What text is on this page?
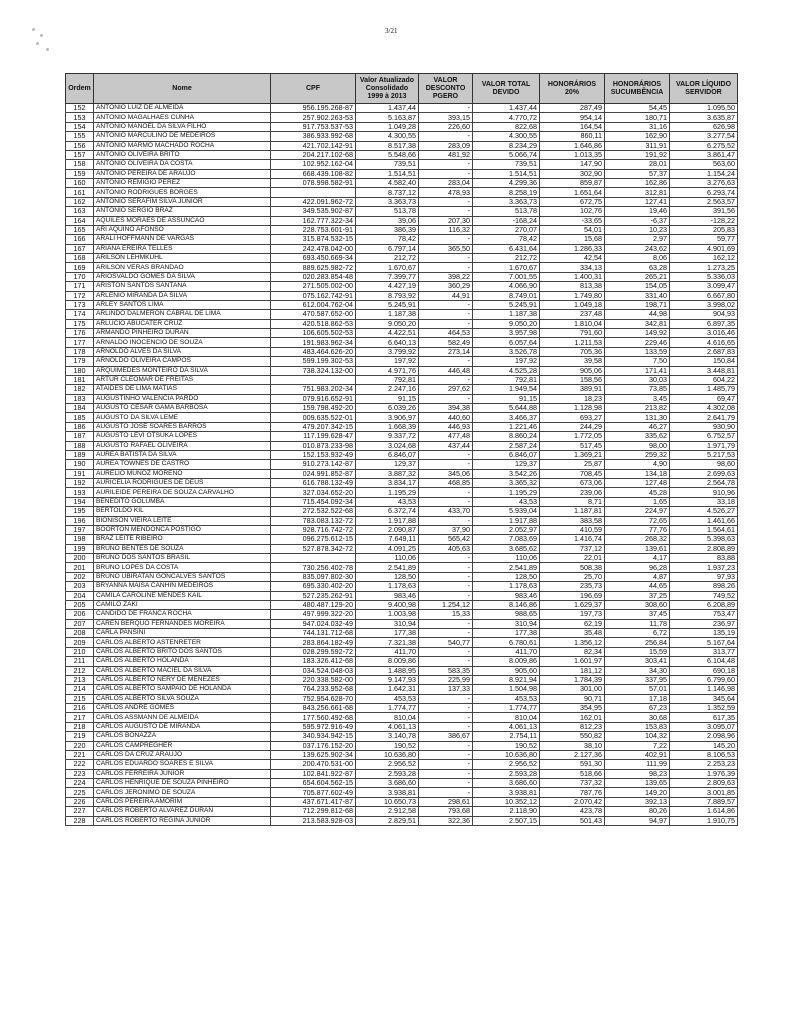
3/21
Ordem	Nome	CPF	Valor Atualizado Consolidado 1999 à 2013	VALOR DESCONTO PGERO	VALOR TOTAL DEVIDO	HONORÁRIOS 20%	HONORÁRIOS SUCUMBÊNCIA	VALOR LÍQUIDO SERVIDOR
152	ANTONIO LUIZ DE ALMEIDA	956.195.268-87	1.437,44	-	1.437,44	287,49	54,45	1.095,50
153	ANTONIO MAGALHAES CUNHA	257.902.263-53	5.163,87	393,15	4.770,72	954,14	180,71	3.635,87
154	ANTONIO MANOEL DA SILVA FILHO	917.753.537-53	1.049,28	226,60	822,68	164,54	31,16	626,98
155	ANTONIO MARCULINO DE MEDEIROS	386.933.992-68	4.300,55	-	4.300,55	860,11	162,90	3.277,54
156	ANTONIO MARMO MACHADO ROCHA	421.702.142-91	8.517,38	283,09	8.234,29	1.646,86	311,91	6.275,52
157	ANTONIO OLIVEIRA BRITO	204.217.102-68	5.548,66	481,92	5.066,74	1.013,35	191,92	3.861,47
158	ANTONIO OLIVEIRA DA COSTA	102.952.162-04	739,51	-	739,51	147,90	28,01	563,60
159	ANTONIO PEREIRA DE ARAUJO	668.439.108-82	1.514,51	-	1.514,51	302,90	57,37	1.154,24
160	ANTONIO REMIGIO PEREZ	078.998.582-91	4.582,40	283,04	4.299,36	859,87	162,86	3.276,63
161	ANTONIO RODRIGUES BORGES		8.737,12	478,93	8.258,19	1.651,64	312,81	6.293,74
162	ANTONIO SERAFIM SILVA JUNIOR	422.091.962-72	3.363,73	-	3.363,73	672,75	127,41	2.563,57
163	ANTONIO SERGIO BRAZ	349.535.902-87	513,78	-	513,78	102,76	19,46	391,56
164	AQUILES MORAES DE ASSUNCAO	162.777.322-34	39,06	207,30	-168,24	-33,65	-6,37	-128,22
165	ARI AQUINO AFONSO	228.753.601-91	386,39	116,32	270,07	54,01	10,23	205,83
166	ARALI HOFFMANN DE VARGAS	315.874.532-15	78,42	-	78,42	15,68	2,97	59,77
167	ARIANA EREIRA TELLES	242.478.042-00	6.797,14	365,50	6.431,64	1.286,33	243,62	4.901,69
168	ARILSON LEHMKUHL	693.450.669-34	212,72	-	212,72	42,54	8,06	162,12
169	ARILSON VERAS BRANDAO	889.625.982-72	1.670,67	-	1.670,67	334,13	63,28	1.273,25
170	ARIOSVALDO GOMES DA SILVA	020.283.854-48	7.399,77	398,22	7.001,55	1.400,31	265,21	5.336,03
171	ARISTON SANTOS SANTANA	271.505.002-00	4.427,19	360,29	4.066,90	813,38	154,05	3.099,47
172	ARLENIO MIRANDA DA SILVA	075.162.742-91	8.793,92	44,91	8.749,01	1.749,80	331,40	6.667,80
173	ARLEY SANTOS LIMA	612.004.762-04	5.245,91	-	5.245,91	1.049,18	198,71	3.998,02
174	ARLINDO DALMERON CABRAL DE LIMA	470.587.652-00	1.187,38	-	1.187,38	237,48	44,98	904,93
175	ARLUCIO ABUCATER CRUZ	420.518.862-53	9.050,20	-	9.050,20	1.810,04	342,81	6.897,35
176	ARMANDO PINHEIRO DURAN	106.605.502-53	4.422,51	464,53	3.957,98	791,60	149,92	3.016,46
177	ARNALDO INOCENCIO DE SOUZA	191.983.962-34	6.640,13	582,49	6.057,64	1.211,53	229,46	4.616,65
178	ARNOLDO ALVES DA SILVA	483.464.626-20	3.799,92	273,14	3.526,78	705,36	133,59	2.687,83
179	ARNOLDO OLIVEIRA CAMPOS	599.199.302-53	197,92	-	197,92	39,58	7,50	150,84
180	ARQUIMEDES MONTEIRO DA SILVA	738.324.132-00	4.971,76	446,48	4.525,28	905,06	171,41	3.448,81
181	ARTUR CLEOMAR DE FREITAS		792,81	-	792,81	158,56	30,03	604,22
182	ATAIDES DE LIMA MATIAS	751.983.202-34	2.247,16	297,62	1.949,54	389,91	73,85	1.485,79
183	AUGUSTINHO VALENCIA PARDO	079.916.652-91	91,15	-	91,15	18,23	3,45	69,47
184	AUGUSTO CESAR GAMA BARBOSA	159.798.492-20	6.039,26	394,38	5.644,88	1.128,98	213,82	4.302,08
185	AUGUSTO DA SILVA LEME	009.635.522-01	3.906,97	440,60	3.466,37	693,27	131,30	2.641,79
186	AUGUSTO JOSE SOARES BARROS	479.207.342-15	1.668,39	446,93	1.221,46	244,29	46,27	930,90
187	AUGUSTO LEVI OTSUKA LOPES	117.199.628-47	9.337,72	477,48	8.860,24	1.772,05	335,62	6.752,57
188	AUGUSTO RAFAEL OLIVEIRA	010.873.233-98	3.024,68	437,44	2.587,24	517,45	98,00	1.971,79
189	AUREA BATISTA DA SILVA	152.153.932-49	6.846,07	-	6.846,07	1.369,21	259,32	5.217,53
190	AUREA TOWNES DE CASTRO	910.273.142-87	129,37	-	129,37	25,87	4,90	98,60
191	AURELIO MUNOZ MORENO	024.991.852-87	3.887,32	345,06	3.542,26	708,45	134,18	2.699,63
192	AURICELIA RODRIGUES DE DEUS	616.788.132-49	3.834,17	468,85	3.365,32	673,06	127,48	2.564,78
193	AURILEIDE PEREIRA DE SOUZA CARVALHO	327.034.652-20	1.195,29	-	1.195,29	239,06	45,28	910,96
194	BENEDITO GOLUMBA	715.454.092-34	43,53	-	43,53	8,71	1,65	33,18
195	BERTOLDO KIL	272.532.522-68	6.372,74	433,70	5.939,04	1.187,81	224,97	4.526,27
196	BIONISON VIEIRA LEITE	783.083.132-72	1.917,88	-	1.917,88	383,58	72,65	1.461,66
197	BOORTON MENDONCA POSTIGO	928.716.742-72	2.090,87	37,90	2.052,97	410,59	77,76	1.564,61
198	BRAZ LEITE RIBEIRO	096.275.612-15	7.649,11	565,42	7.083,69	1.416,74	268,32	5.398,63
199	BRUNO BENTES DE SOUZA	527.878.342-72	4.091,25	405,63	3.685,62	737,12	139,61	2.808,89
200	BRUNO DOS SANTOS BRASIL		110,06	-	110,06	22,01	4,17	83,88
201	BRUNO LOPES DA COSTA	730.256.402-78	2.541,89	-	2.541,89	508,38	96,28	1.937,23
202	BRUNO UBIRATAN GONCALVES SANTOS	835.097.802-30	128,50	-	128,50	25,70	4,87	97,93
203	BRYANNA MAISA CANHIN MEDEIROS	695.330.402-20	1.178,63	-	1.178,63	235,73	44,65	898,26
204	CAMILA CAROLINE MENDES KAIL	527.235.262-91	983,46	-	983,46	196,69	37,25	749,52
205	CAMILO ZAKI	480.487.129-20	9.400,98	1.254,12	8.146,86	1.629,37	308,60	6.208,89
206	CANDIDO DE FRANCA ROCHA	497.999.322-20	1.003,98	15,33	988,65	197,73	37,45	753,47
207	CAREN BERQUO FERNANDES MOREIRA	947.024.032-49	310,94	-	310,94	62,19	11,78	236,97
208	CARLA PANSINI	744.131.712-68	177,38	-	177,38	35,48	6,72	135,19
209	CARLOS ALBERTO ASTENRETER	283.864.182-49	7.321,38	540,77	6.780,61	1.356,12	256,84	5.167,64
210	CARLOS ALBERTO BRITO DOS SANTOS	028.299.592-72	411,70	-	411,70	82,34	15,59	313,77
211	CARLOS ALBERTO HOLANDA	183.326.412-68	8.009,86	-	8.009,86	1.601,97	303,41	6.104,48
212	CARLOS ALBERTO MACIEL DA SILVA	034.524.048-03	1.488,95	583,35	905,60	181,12	34,30	690,18
213	CARLOS ALBERTO NERY DE MENEZES	220.338.582-00	9.147,93	225,99	8.921,94	1.784,39	337,95	6.799,60
214	CARLOS ALBERTO SAMPAIO DE HOLANDA	764.233.952-68	1.642,31	137,33	1.504,98	301,00	57,01	1.146,98
215	CARLOS ALBERTO SILVA SOUZA	752.954.628-70	453,53	-	453,53	90,71	17,18	345,64
216	CARLOS ANDRE GOMES	843.256.661-68	1.774,77	-	1.774,77	354,95	67,23	1.352,59
217	CARLOS ASSMANN DE ALMEIDA	177.560.492-68	810,04	-	810,04	162,01	30,68	617,35
218	CARLOS AUGUSTO DE MIRANDA	595.972.916-49	4.061,13	-	4.061,13	812,23	153,83	3.095,07
219	CARLOS BONAZZA	340.934.942-15	3.140,78	386,67	2.754,11	550,82	104,32	2.098,96
220	CARLOS CAMPREGHER	037.176.152-20	190,52	-	190,52	38,10	7,22	145,20
221	CARLOS DA CRUZ ARAUJO	139.625.902-34	10.636,80	-	10.636,80	2.127,36	402,91	8.106,53
222	CARLOS EDUARDO SOARES E SILVA	200.470.531-00	2.956,52	-	2.956,52	591,30	111,99	2.253,23
223	CARLOS FERREIRA JUNIOR	102.841.922-87	2.593,28	-	2.593,28	518,66	98,23	1.976,39
224	CARLOS HENRIQUE DE SOUZA PINHEIRO	654.604.562-15	3.686,60	-	3.686,60	737,32	139,65	2.809,63
225	CARLOS JERONIMO DE SOUZA	705.877.602-49	3.938,81	-	3.938,81	787,76	149,20	3.001,85
226	CARLOS PEREIRA AMORIM	437.671.417-87	10.650,73	298,61	10.352,12	2.070,42	392,13	7.889,57
227	CARLOS ROBERTO ALVAREZ DURAN	712.299.812-68	2.912,58	793,68	2.118,90	423,78	80,26	1.614,86
228	CARLOS ROBERTO REGINA JUNIOR	213.583.928-03	2.829,51	322,36	2.507,15	501,43	94,97	1.910,75
